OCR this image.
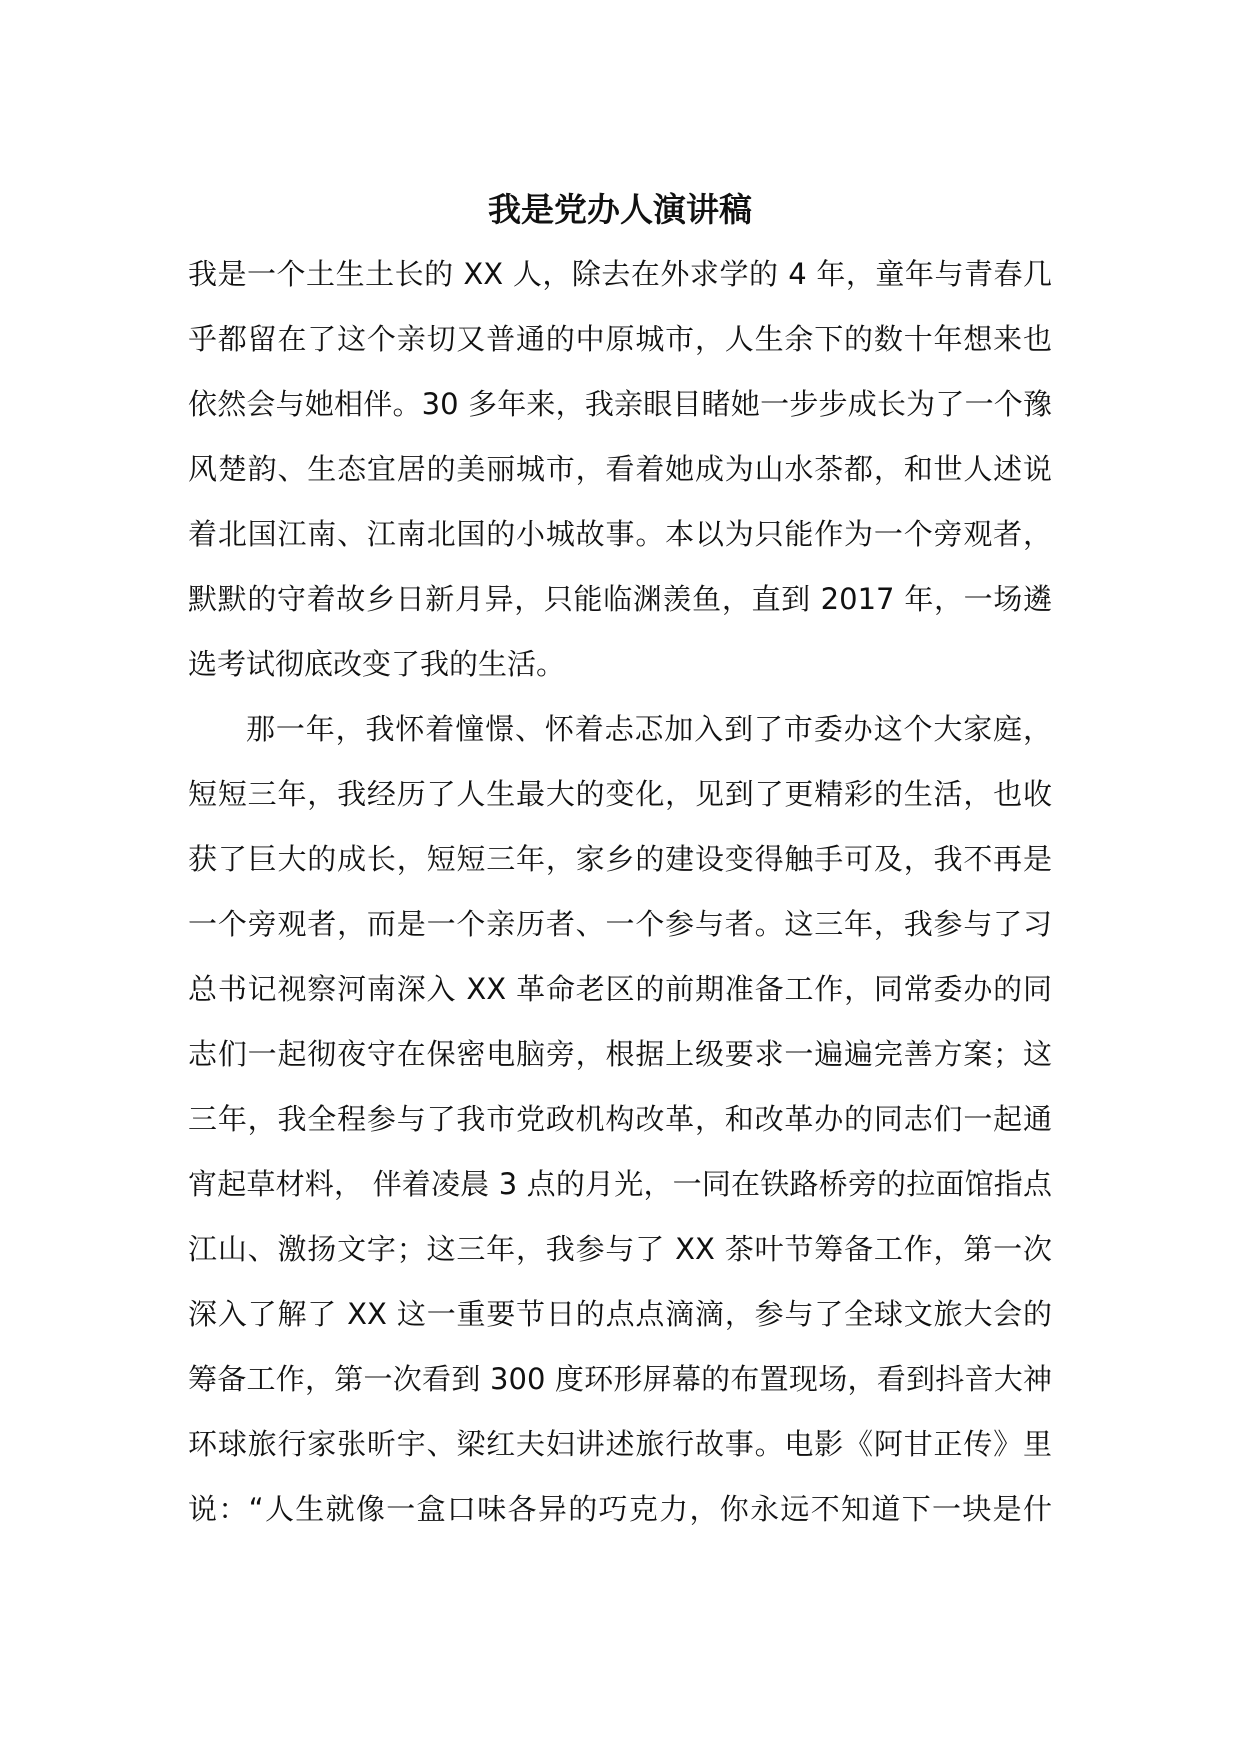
我是党办人演讲稿
我是一个土生土长的 XX 人，除去在外求学的 4 年，童年与青春几
乎都留在了这个亲切又普通的中原城市，人生余下的数十年想来也
依然会与她相伴。30 多年来，我亲眼目睹她一步步成长为了一个豫
风楚韵、生态宜居的美丽城市，看着她成为山水茶都，和世人述说
着北国江南、江南北国的小城故事。本以为只能作为一个旁观者，
默默的守着故乡日新月异，只能临渊羡鱼，直到 2017 年，一场遴
选考试彻底改变了我的生活。
那一年，我怀着憧憬、怀着忐忑加入到了市委办这个大家庭，
短短三年，我经历了人生最大的变化，见到了更精彩的生活，也收
获了巨大的成长，短短三年，家乡的建设变得触手可及，我不再是
一个旁观者，而是一个亲历者、一个参与者。这三年，我参与了习
总书记视察河南深入 XX 革命老区的前期准备工作，同常委办的同
志们一起彻夜守在保密电脑旁，根据上级要求一遍遍完善方案；这
三年，我全程参与了我市党政机构改革，和改革办的同志们一起通
宵起草材料， 伴着凌晨 3 点的月光，一同在铁路桥旁的拉面馆指点
江山、激扬文字；这三年，我参与了 XX 茶叶节筹备工作，第一次
深入了解了 XX 这一重要节日的点点滴滴，参与了全球文旅大会的
筹备工作，第一次看到 300 度环形屏幕的布置现场，看到抖音大神
环球旅行家张昕宇、梁红夫妇讲述旅行故事。电影《阿甘正传》里
说：“人生就像一盒口味各异的巧克力，你永远不知道下一块是什
